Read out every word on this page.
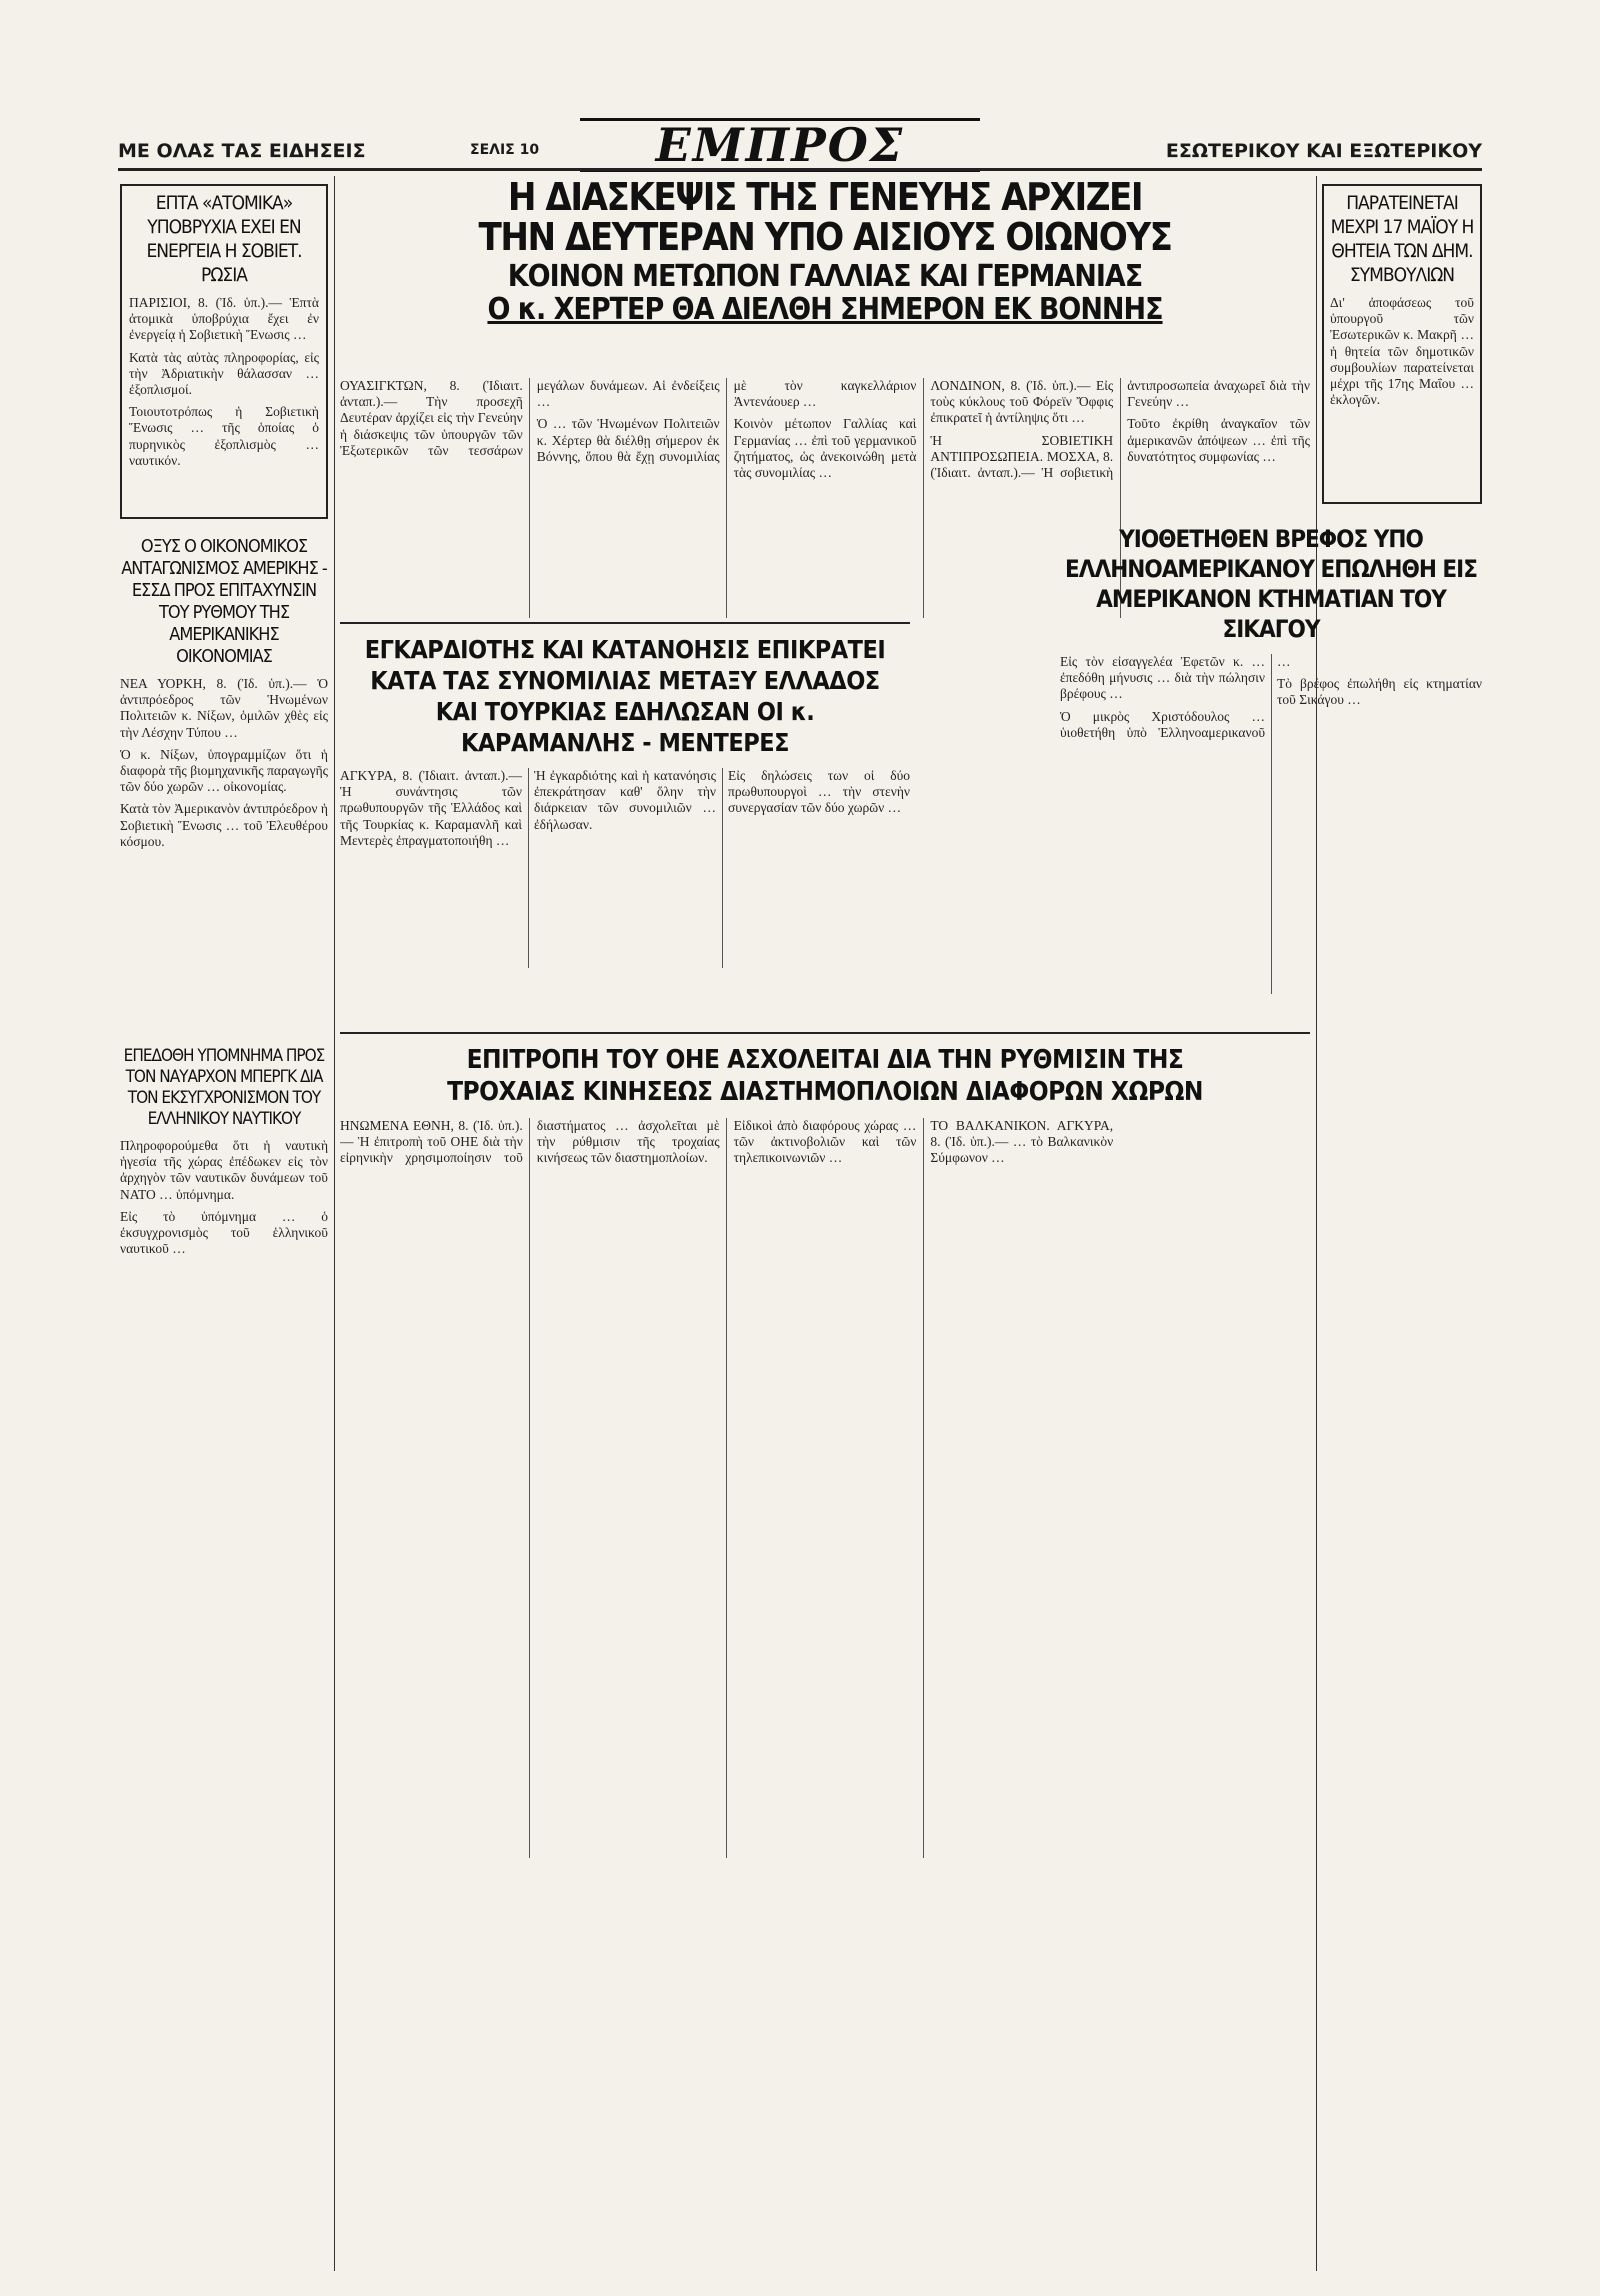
ΜΕ ΟΛΑΣ ΤΑΣ ΕΙΔΗΣΕΙΣ	ΣΕΛΙΣ 10	ΕΜΠΡΟΣ	ΕΣΩΤΕΡΙΚΟΥ ΚΑΙ ΕΞΩΤΕΡΙΚΟΥ
ΕΠΤΑ «ΑΤΟΜΙΚΑ» ΥΠΟΒΡΥΧΙΑ ΕΧΕΙ ΕΝ ΕΝΕΡΓΕΙΑ Η ΣΟΒΙΕΤ. ΡΩΣΙΑ

ΠΑΡΙΣΙΟΙ, 8. (Ἰδ. ὑπ.).— Ἑπτὰ ἀτομικὰ ὑποβρύχια ἔχει ἐν ἐνεργείᾳ ἡ Σοβιετικὴ Ἕνωσις …

Κατὰ τὰς αὐτὰς πληροφορίας, εἰς τὴν Ἀδριατικὴν θάλασσαν … ἐξοπλισμοί.

Τοιουτοτρόπως ἡ Σοβιετικὴ Ἕνωσις … τῆς ὁποίας ὁ πυρηνικὸς ἐξοπλισμὸς … ναυτικόν.

ΟΞΥΣ Ο ΟΙΚΟΝΟΜΙΚΟΣ ΑΝΤΑΓΩΝΙΣΜΟΣ ΑΜΕΡΙΚΗΣ - ΕΣΣΔ ΠΡΟΣ ΕΠΙΤΑΧΥΝΣΙΝ ΤΟΥ ΡΥΘΜΟΥ ΤΗΣ ΑΜΕΡΙΚΑΝΙΚΗΣ ΟΙΚΟΝΟΜΙΑΣ

ΝΕΑ ΥΟΡΚΗ, 8. (Ἰδ. ὑπ.).— Ὁ ἀντιπρόεδρος τῶν Ἡνωμένων Πολιτειῶν κ. Νίξων, ὁμιλῶν χθὲς εἰς τὴν Λέσχην Τύπου …

Ὁ κ. Νίξων, ὑπογραμμίζων ὅτι ἡ διαφορὰ τῆς βιομηχανικῆς παραγωγῆς τῶν δύο χωρῶν … οἰκονομίας.

Κατὰ τὸν Ἀμερικανὸν ἀντιπρόεδρον ἡ Σοβιετικὴ Ἕνωσις … τοῦ Ἐλευθέρου κόσμου.

ΕΠΕΔΟΘΗ ΥΠΟΜΝΗΜΑ ΠΡΟΣ ΤΟΝ ΝΑΥΑΡΧΟΝ ΜΠΕΡΓΚ ΔΙΑ ΤΟΝ ΕΚΣΥΓΧΡΟΝΙΣΜΟΝ ΤΟΥ ΕΛΛΗΝΙΚΟΥ ΝΑΥΤΙΚΟΥ

Πληροφορούμεθα ὅτι ἡ ναυτικὴ ἡγεσία τῆς χώρας ἐπέδωκεν εἰς τὸν ἀρχηγὸν τῶν ναυτικῶν δυνάμεων τοῦ ΝΑΤΟ … ὑπόμνημα.

Εἰς τὸ ὑπόμνημα … ὁ ἐκσυγχρονισμὸς τοῦ ἑλληνικοῦ ναυτικοῦ …

Η ΔΙΑΣΚΕΨΙΣ ΤΗΣ ΓΕΝΕΥΗΣ ΑΡΧΙΖΕΙ
ΤΗΝ ΔΕΥΤΕΡΑΝ ΥΠΟ ΑΙΣΙΟΥΣ ΟΙΩΝΟΥΣ
ΚΟΙΝΟΝ ΜΕΤΩΠΟΝ ΓΑΛΛΙΑΣ ΚΑΙ ΓΕΡΜΑΝΙΑΣ
Ο κ. ΧΕΡΤΕΡ ΘΑ ΔΙΕΛΘΗ ΣΗΜΕΡΟΝ ΕΚ ΒΟΝΝΗΣ

ΟΥΑΣΙΓΚΤΩΝ, 8. (Ἰδιαιτ. ἀνταπ.).— Τὴν προσεχῆ Δευτέραν ἀρχίζει εἰς τὴν Γενεύην ἡ διάσκεψις τῶν ὑπουργῶν τῶν Ἐξωτερικῶν τῶν τεσσάρων μεγάλων δυνάμεων. Αἱ ἐνδείξεις …

Ὁ … τῶν Ἡνωμένων Πολιτειῶν κ. Χέρτερ θὰ διέλθῃ σήμερον ἐκ Βόννης, ὅπου θὰ ἔχῃ συνομιλίας μὲ τὸν καγκελλάριον Ἀντενάουερ …

Κοινὸν μέτωπον Γαλλίας καὶ Γερμανίας … ἐπὶ τοῦ γερμανικοῦ ζητήματος, ὡς ἀνεκοινώθη μετὰ τὰς συνομιλίας …

ΛΟΝΔΙΝΟΝ, 8. (Ἰδ. ὑπ.).— Εἰς τοὺς κύκλους τοῦ Φόρεϊν Ὄφφις ἐπικρατεῖ ἡ ἀντίληψις ὅτι …

Ἡ ΣΟΒΙΕΤΙΚΗ ΑΝΤΙΠΡΟΣΩΠΕΙΑ. ΜΟΣΧΑ, 8. (Ἰδιαιτ. ἀνταπ.).— Ἡ σοβιετικὴ ἀντιπροσωπεία ἀναχωρεῖ διὰ τὴν Γενεύην …

Τοῦτο ἐκρίθη ἀναγκαῖον τῶν ἀμερικανῶν ἀπόψεων … ἐπὶ τῆς δυνατότητος συμφωνίας …

ΕΓΚΑΡΔΙΟΤΗΣ ΚΑΙ ΚΑΤΑΝΟΗΣΙΣ ΕΠΙΚΡΑΤΕΙ ΚΑΤΑ ΤΑΣ ΣΥΝΟΜΙΛΙΑΣ ΜΕΤΑΞΥ ΕΛΛΑΔΟΣ ΚΑΙ ΤΟΥΡΚΙΑΣ ΕΔΗΛΩΣΑΝ ΟΙ κ. ΚΑΡΑΜΑΝΛΗΣ - ΜΕΝΤΕΡΕΣ

ΑΓΚΥΡΑ, 8. (Ἰδιαιτ. ἀνταπ.).— Ἡ συνάντησις τῶν πρωθυπουργῶν τῆς Ἑλλάδος καὶ τῆς Τουρκίας κ. Καραμανλῆ καὶ Μεντερὲς ἐπραγματοποιήθη …

Ἡ ἐγκαρδιότης καὶ ἡ κατανόησις ἐπεκράτησαν καθ' ὅλην τὴν διάρκειαν τῶν συνομιλιῶν … ἐδήλωσαν.

Εἰς δηλώσεις των οἱ δύο πρωθυπουργοὶ … τὴν στενὴν συνεργασίαν τῶν δύο χωρῶν …

ΕΠΙΤΡΟΠΗ ΤΟΥ ΟΗΕ ΑΣΧΟΛΕΙΤΑΙ ΔΙΑ ΤΗΝ ΡΥΘΜΙΣΙΝ ΤΗΣ ΤΡΟΧΑΙΑΣ ΚΙΝΗΣΕΩΣ ΔΙΑΣΤΗΜΟΠΛΟΙΩΝ ΔΙΑΦΟΡΩΝ ΧΩΡΩΝ

ΗΝΩΜΕΝΑ ΕΘΝΗ, 8. (Ἰδ. ὑπ.).— Ἡ ἐπιτροπὴ τοῦ ΟΗΕ διὰ τὴν εἰρηνικὴν χρησιμοποίησιν τοῦ διαστήματος … ἀσχολεῖται μὲ τὴν ρύθμισιν τῆς τροχαίας κινήσεως τῶν διαστημοπλοίων.

Εἰδικοὶ ἀπὸ διαφόρους χώρας … τῶν ἀκτινοβολιῶν καὶ τῶν τηλεπικοινωνιῶν …

ΤΟ ΒΑΛΚΑΝΙΚΟΝ. ΑΓΚΥΡΑ, 8. (Ἰδ. ὑπ.).— … τὸ Βαλκανικὸν Σύμφωνον …

ΠΑΡΑΤΕΙΝΕΤΑΙ ΜΕΧΡΙ 17 ΜΑΪΟΥ Η ΘΗΤΕΙΑ ΤΩΝ ΔΗΜ. ΣΥΜΒΟΥΛΙΩΝ

Δι' ἀποφάσεως τοῦ ὑπουργοῦ τῶν Ἐσωτερικῶν κ. Μακρῆ … ἡ θητεία τῶν δημοτικῶν συμβουλίων παρατείνεται μέχρι τῆς 17ης Μαΐου … ἐκλογῶν.

ΥΙΟΘΕΤΗΘΕΝ ΒΡΕΦΟΣ ΥΠΟ ΕΛΛΗΝΟΑΜΕΡΙΚΑΝΟΥ ΕΠΩΛΗΘΗ ΕΙΣ ΑΜΕΡΙΚΑΝΟΝ ΚΤΗΜΑΤΙΑΝ ΤΟΥ ΣΙΚΑΓΟΥ

Εἰς τὸν εἰσαγγελέα Ἐφετῶν κ. … ἐπεδόθη μήνυσις … διὰ τὴν πώλησιν βρέφους …

Ὁ μικρὸς Χριστόδουλος … ὑιοθετήθη ὑπὸ Ἑλληνοαμερικανοῦ …

Τὸ βρέφος ἐπωλήθη εἰς κτηματίαν τοῦ Σικάγου …
